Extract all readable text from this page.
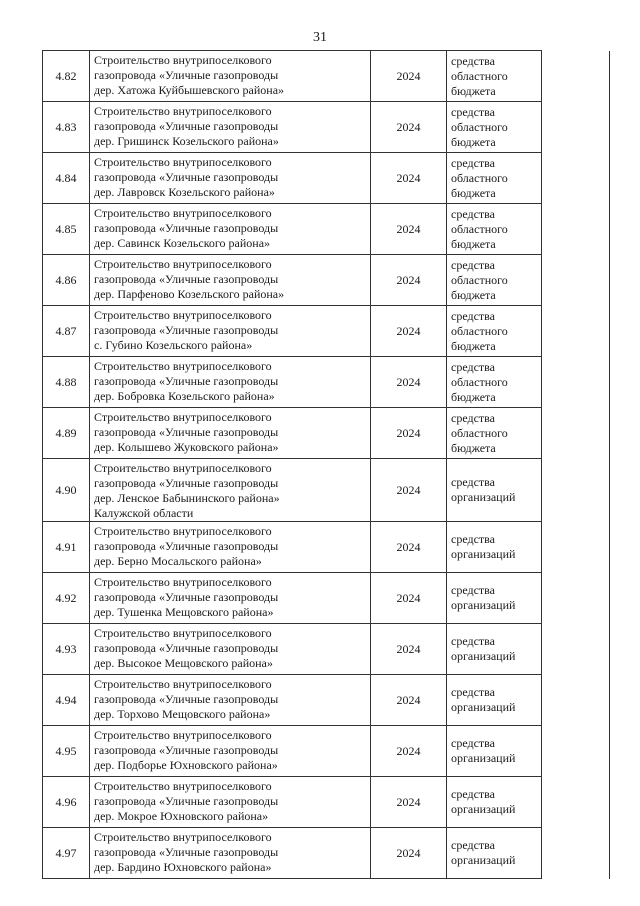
31
4.82	Строительство внутрипоселкового
газопровода «Уличные газопроводы
дер. Хатожа Куйбышевского района»	2024	средства
областного
бюджета	

4.83	Строительство внутрипоселкового
газопровода «Уличные газопроводы
дер. Гришинск Козельского района»	2024	средства
областного
бюджета	

4.84	Строительство внутрипоселкового
газопровода «Уличные газопроводы
дер. Лавровск Козельского района»	2024	средства
областного
бюджета	

4.85	Строительство внутрипоселкового
газопровода «Уличные газопроводы
дер. Савинск Козельского района»	2024	средства
областного
бюджета	

4.86	Строительство внутрипоселкового
газопровода «Уличные газопроводы
дер. Парфеново Козельского района»	2024	средства
областного
бюджета	

4.87	Строительство внутрипоселкового
газопровода «Уличные газопроводы
с. Губино Козельского района»	2024	средства
областного
бюджета	

4.88	Строительство внутрипоселкового
газопровода «Уличные газопроводы
дер. Бобровка Козельского района»	2024	средства
областного
бюджета	

4.89	Строительство внутрипоселкового
газопровода «Уличные газопроводы
дер. Колышево Жуковского района»	2024	средства
областного
бюджета	

4.90	Строительство внутрипоселкового
газопровода «Уличные газопроводы
дер. Ленское Бабынинского района»
Калужской области	2024	средства
организаций	

4.91	Строительство внутрипоселкового
газопровода «Уличные газопроводы
дер. Берно Мосальского района»	2024	средства
организаций	

4.92	Строительство внутрипоселкового
газопровода «Уличные газопроводы
дер. Тушенка Мещовского района»	2024	средства
организаций	

4.93	Строительство внутрипоселкового
газопровода «Уличные газопроводы
дер. Высокое Мещовского района»	2024	средства
организаций	

4.94	Строительство внутрипоселкового
газопровода «Уличные газопроводы
дер. Торхово Мещовского района»	2024	средства
организаций	

4.95	Строительство внутрипоселкового
газопровода «Уличные газопроводы
дер. Подборье Юхновского района»	2024	средства
организаций	

4.96	Строительство внутрипоселкового
газопровода «Уличные газопроводы
дер. Мокрое Юхновского района»	2024	средства
организаций	

4.97	Строительство внутрипоселкового
газопровода «Уличные газопроводы
дер. Бардино Юхновского района»	2024	средства
организаций	
